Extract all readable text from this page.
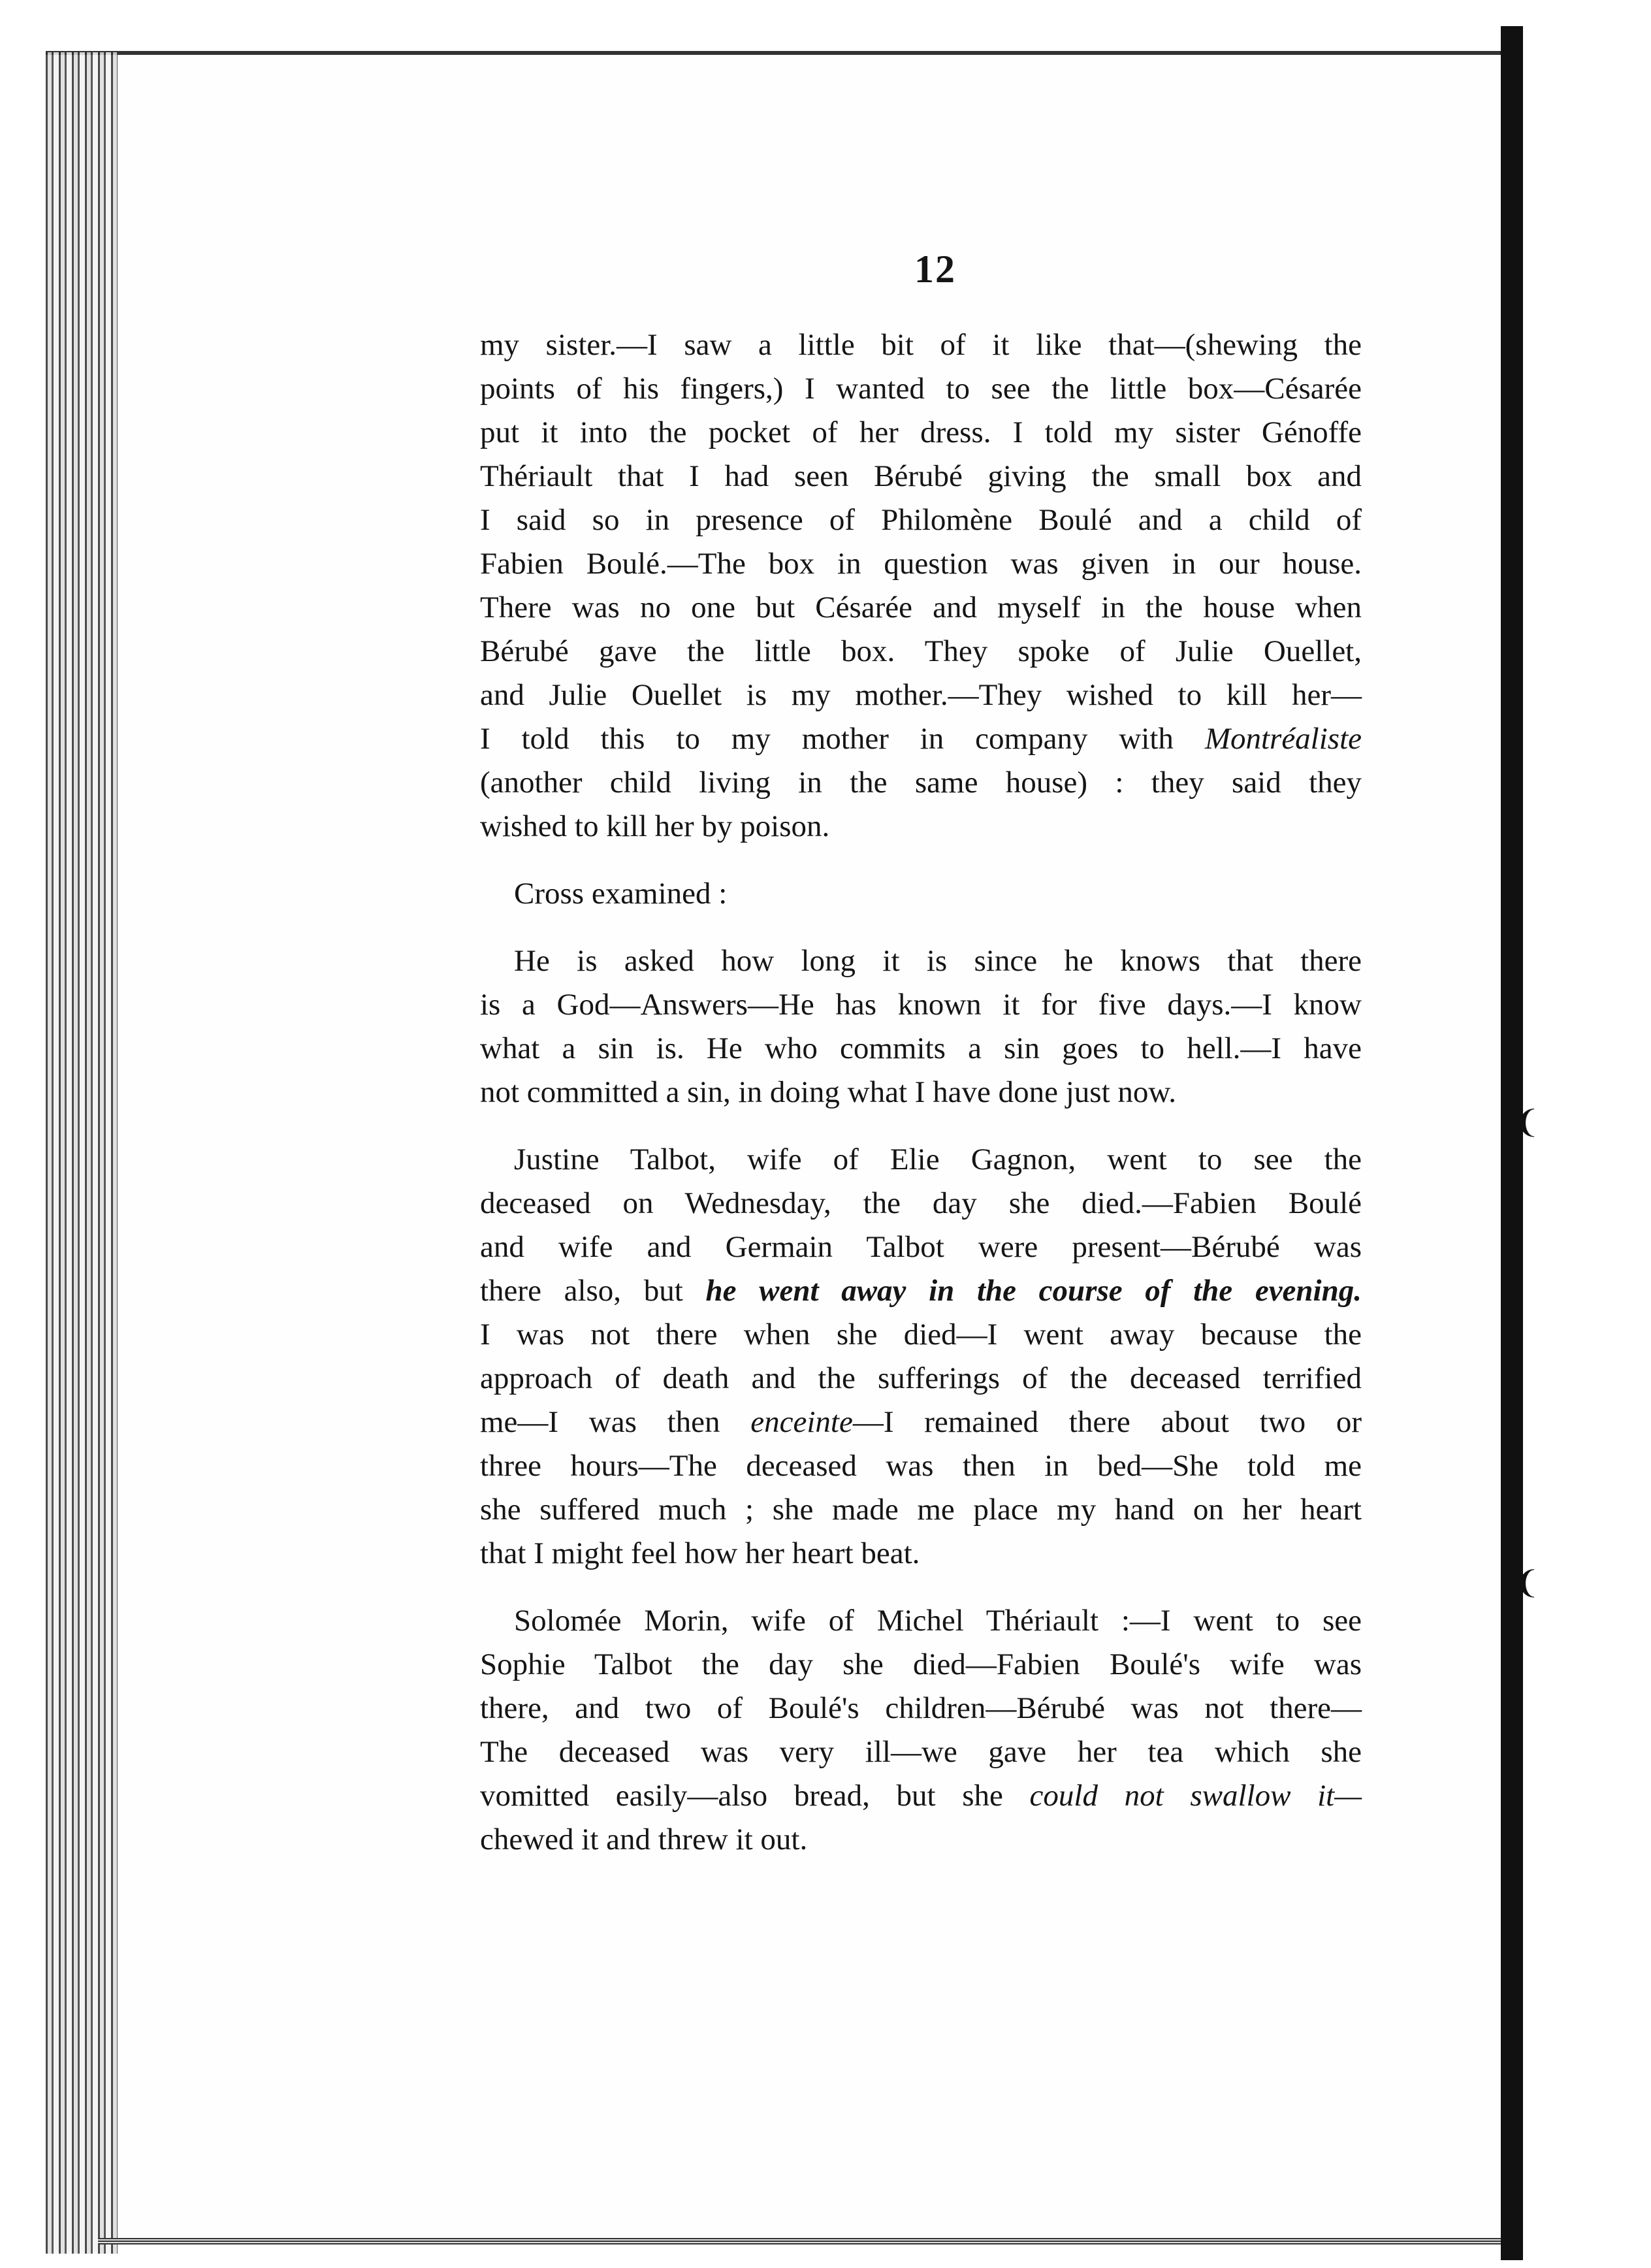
❨
❨
12
my sister.—I saw a little bit of it like that—(shewing the
points of his fingers,) I wanted to see the little box—Césarée
put it into the pocket of her dress. I told my sister Génoffe
Thériault that I had seen Bérubé giving the small box and
I said so in presence of Philomène Boulé and a child of
Fabien Boulé.—The box in question was given in our house.
There was no one but Césarée and myself in the house when
Bérubé gave the little box. They spoke of Julie Ouellet,
and Julie Ouellet is my mother.—They wished to kill her—
I told this to my mother in company with Montréaliste
(another child living in the same house) : they said they
wished to kill her by poison.
Cross examined :
He is asked how long it is since he knows that there
is a God—Answers—He has known it for five days.—I know
what a sin is. He who commits a sin goes to hell.—I have
not committed a sin, in doing what I have done just now.
Justine Talbot, wife of Elie Gagnon, went to see the
deceased on Wednesday, the day she died.—Fabien Boulé
and wife and Germain Talbot were present—Bérubé was
there also, but he went away in the course of the evening.
I was not there when she died—I went away because the
approach of death and the sufferings of the deceased terrified
me—I was then enceinte—I remained there about two or
three hours—The deceased was then in bed—She told me
she suffered much ; she made me place my hand on her heart
that I might feel how her heart beat.
Solomée Morin, wife of Michel Thériault :—I went to see
Sophie Talbot the day she died—Fabien Boulé's wife was
there, and two of Boulé's children—Bérubé was not there—
The deceased was very ill—we gave her tea which she
vomitted easily—also bread, but she could not swallow it—
chewed it and threw it out.
